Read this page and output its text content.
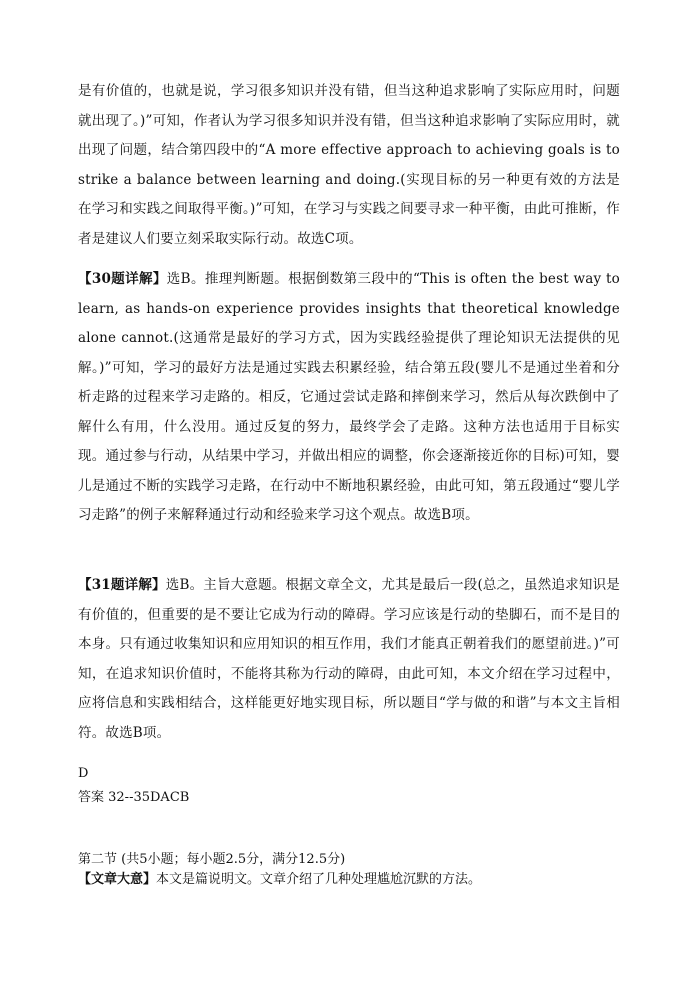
是有价值的，也就是说，学习很多知识并没有错，但当这种追求影响了实际应用时，问题就出现了。)”可知，作者认为学习很多知识并没有错，但当这种追求影响了实际应用时，就出现了问题，结合第四段中的“A more effective approach to achieving goals is to strike a balance between learning and doing.(实现目标的另一种更有效的方法是在学习和实践之间取得平衡。)”可知，在学习与实践之间要寻求一种平衡，由此可推断，作者是建议人们要立刻采取实际行动。故选C项。

【30题详解】选B。推理判断题。根据倒数第三段中的“This is often the best way to learn, as hands-on experience provides insights that theoretical knowledge alone cannot.(这通常是最好的学习方式，因为实践经验提供了理论知识无法提供的见解。)”可知，学习的最好方法是通过实践去积累经验，结合第五段(婴儿不是通过坐着和分析走路的过程来学习走路的。相反，它通过尝试走路和摔倒来学习，然后从每次跌倒中了解什么有用，什么没用。通过反复的努力，最终学会了走路。这种方法也适用于目标实现。通过参与行动，从结果中学习，并做出相应的调整，你会逐渐接近你的目标)可知，婴儿是通过不断的实践学习走路，在行动中不断地积累经验，由此可知，第五段通过“婴儿学习走路”的例子来解释通过行动和经验来学习这个观点。故选B项。

【31题详解】选B。主旨大意题。根据文章全文，尤其是最后一段(总之，虽然追求知识是有价值的，但重要的是不要让它成为行动的障碍。学习应该是行动的垫脚石，而不是目的本身。只有通过收集知识和应用知识的相互作用，我们才能真正朝着我们的愿望前进。)”可知，在追求知识价值时，不能将其称为行动的障碍，由此可知，本文介绍在学习过程中，应将信息和实践相结合，这样能更好地实现目标，所以题目“学与做的和谐”与本文主旨相符。故选B项。

D

答案 32--35DACB

第二节 (共5小题；每小题2.5分，满分12.5分)

【文章大意】本文是篇说明文。文章介绍了几种处理尴尬沉默的方法。
